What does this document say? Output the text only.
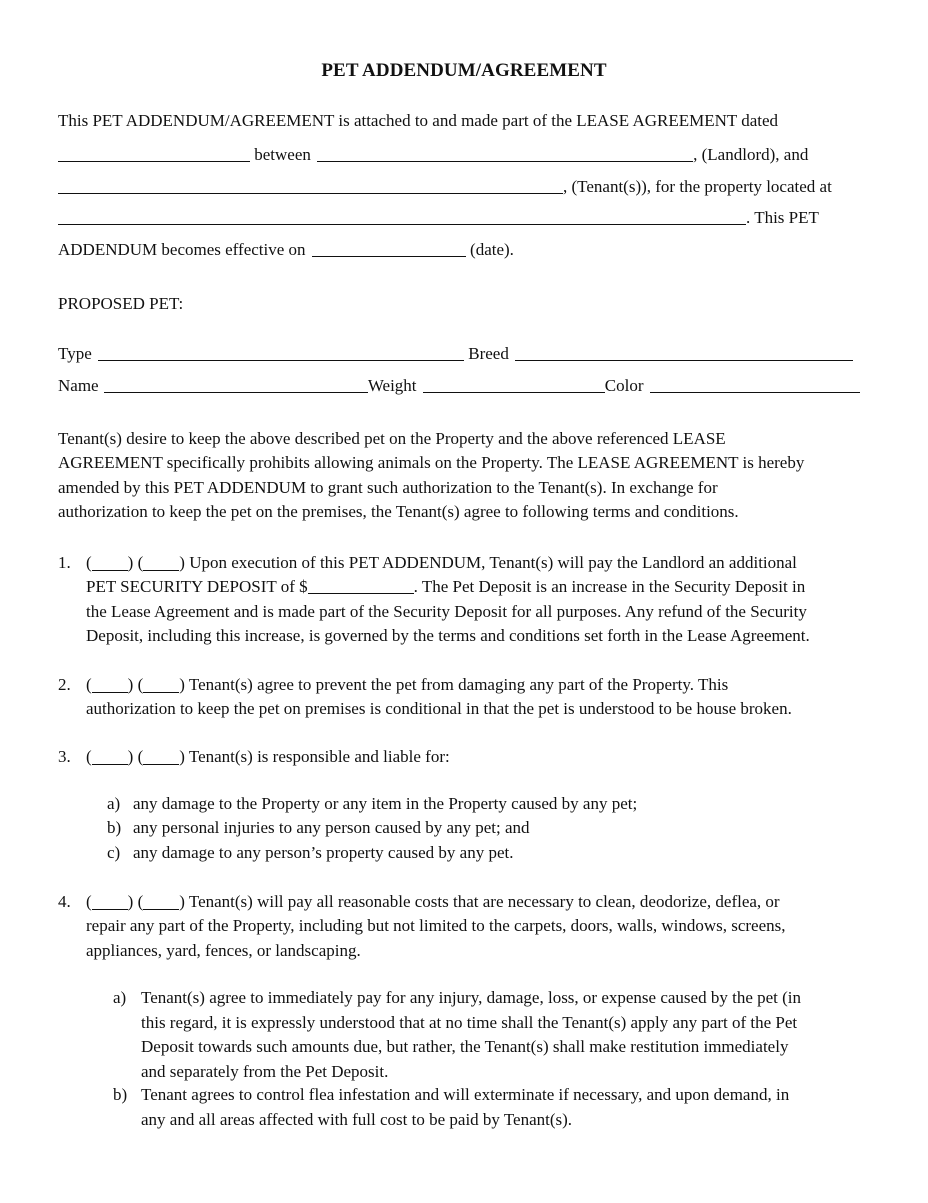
PET ADDENDUM/AGREEMENT
This PET ADDENDUM/AGREEMENT is attached to and made part of the LEASE AGREEMENT dated
between	, (Landlord), and
, (Tenant(s)), for the property located at
. This PET
ADDENDUM becomes effective on	(date).
PROPOSED PET:
Type	Breed
Name	Weight	Color
Tenant(s) desire to keep the above described pet on the Property and the above referenced LEASE
AGREEMENT specifically prohibits allowing animals on the Property. The LEASE AGREEMENT is hereby
amended by this PET ADDENDUM to grant such authorization to the Tenant(s). In exchange for
authorization to keep the pet on the premises, the Tenant(s) agree to following terms and conditions.
1. ( ) ( ) Upon execution of this PET ADDENDUM, Tenant(s) will pay the Landlord an additional
PET SECURITY DEPOSIT of $	. The Pet Deposit is an increase in the Security Deposit in
the Lease Agreement and is made part of the Security Deposit for all purposes. Any refund of the Security
Deposit, including this increase, is governed by the terms and conditions set forth in the Lease Agreement.
2. ( ) ( ) Tenant(s) agree to prevent the pet from damaging any part of the Property. This
authorization to keep the pet on premises is conditional in that the pet is understood to be house broken.
3. ( ) ( ) Tenant(s) is responsible and liable for:
a) any damage to the Property or any item in the Property caused by any pet;
b) any personal injuries to any person caused by any pet; and
c) any damage to any person’s property caused by any pet.
4. ( ) ( ) Tenant(s) will pay all reasonable costs that are necessary to clean, deodorize, deflea, or
repair any part of the Property, including but not limited to the carpets, doors, walls, windows, screens,
appliances, yard, fences, or landscaping.
a) Tenant(s) agree to immediately pay for any injury, damage, loss, or expense caused by the pet (in
this regard, it is expressly understood that at no time shall the Tenant(s) apply any part of the Pet
Deposit towards such amounts due, but rather, the Tenant(s) shall make restitution immediately
and separately from the Pet Deposit.
b) Tenant agrees to control flea infestation and will exterminate if necessary, and upon demand, in
any and all areas affected with full cost to be paid by Tenant(s).
